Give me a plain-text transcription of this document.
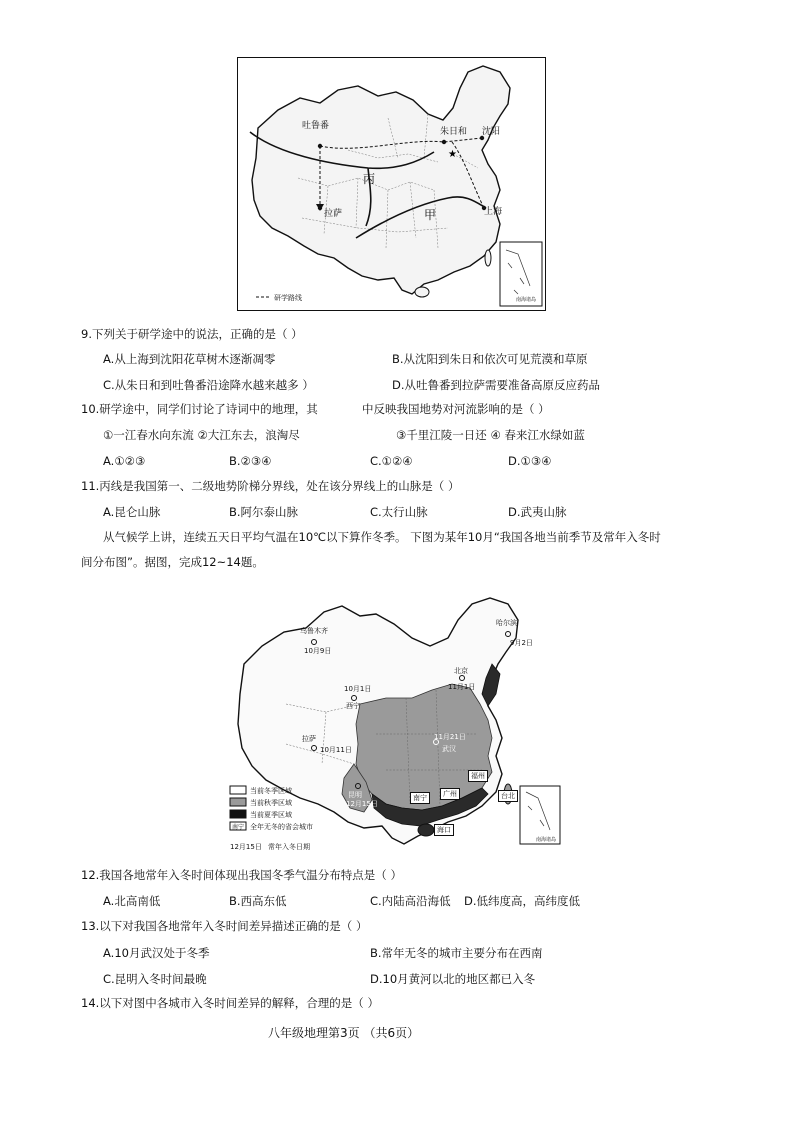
★
吐鲁番
朱日和 沈阳
丙
拉萨	甲	上海
研学路线	南海诸岛
9.下列关于研学途中的说法，正确的是（ ）
A.从上海到沈阳花草树木逐渐凋零	B.从沈阳到朱日和依次可见荒漠和草原
C.从朱日和到吐鲁番沿途降水越来越多 ）	D.从吐鲁番到拉萨需要准备高原反应药品
10.研学途中，同学们讨论了诗词中的地理，其	中反映我国地势对河流影响的是（ ）
①一江春水向东流 ②大江东去，浪淘尽	③千里江陵一日还 ④ 春来江水绿如蓝
A.①②③	B.②③④	C.①②④	D.①③④
11.丙线是我国第一、二级地势阶梯分界线，处在该分界线上的山脉是（ ）
A.昆仑山脉	B.阿尔泰山脉	C.太行山脉	D.武夷山脉
从气候学上讲，连续五天日平均气温在10℃以下算作冬季。 下图为某年10月“我国各地当前季节及常年入冬时
间分布图”。据图，完成12~14题。
乌鲁木齐
10月9日
哈尔滨
9月2日
10月1日
西宁
北京
11月1日
拉萨
10月11日
11月21日
武汉
昆明
12月15日
南宁	广州
福州
台北
海口
当前冬季区域
当前秋季区域
当前夏季区域
南宁 全年无冬的省会城市
12月15日 常年入冬日期
南海诸岛
12.我国各地常年入冬时间体现出我国冬季气温分布特点是（ ）
A.北高南低	B.西高东低	C.内陆高沿海低 D.低纬度高，高纬度低
13.以下对我国各地常年入冬时间差异描述正确的是（ ）
A.10月武汉处于冬季	B.常年无冬的城市主要分布在西南
C.昆明入冬时间最晚	D.10月黄河以北的地区都已入冬
14.以下对图中各城市入冬时间差异的解释，合理的是（ ）
八年级地理第3页 （共6页）
